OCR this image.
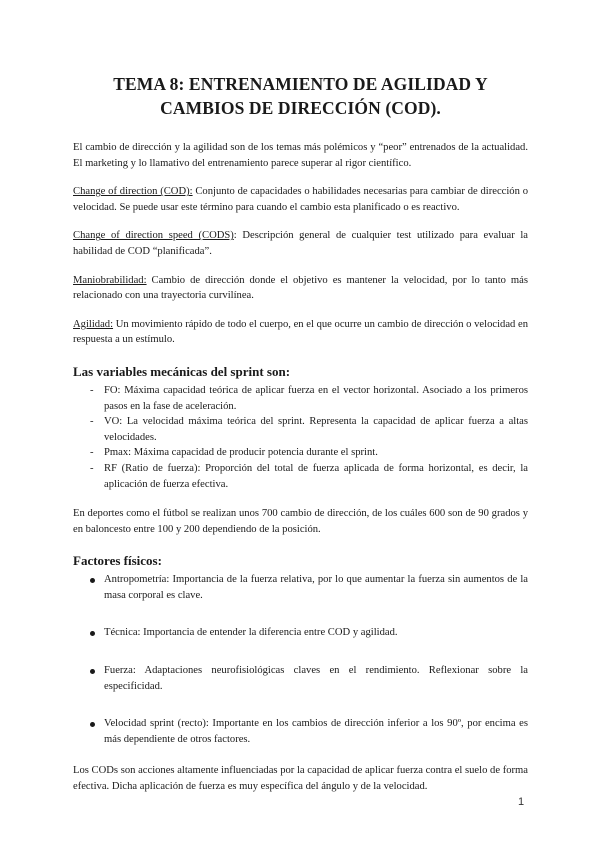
TEMA 8: ENTRENAMIENTO DE AGILIDAD Y
CAMBIOS DE DIRECCIÓN (COD).

El cambio de dirección y la agilidad son de los temas más polémicos y “peor” entrenados de la actualidad. El marketing y lo llamativo del entrenamiento parece superar al rigor científico.

Change of direction (COD): Conjunto de capacidades o habilidades necesarias para cambiar de dirección o velocidad. Se puede usar este término para cuando el cambio esta planificado o es reactivo.

Change of direction speed (CODS): Descripción general de cualquier test utilizado para evaluar la habilidad de COD “planificada”.

Maniobrabilidad: Cambio de dirección donde el objetivo es mantener la velocidad, por lo tanto más relacionado con una trayectoria curvilínea.

Agilidad: Un movimiento rápido de todo el cuerpo, en el que ocurre un cambio de dirección o velocidad en respuesta a un estímulo.

Las variables mecánicas del sprint son:
- FO: Máxima capacidad teórica de aplicar fuerza en el vector horizontal. Asociado a los primeros pasos en la fase de aceleración.
- VO: La velocidad máxima teórica del sprint. Representa la capacidad de aplicar fuerza a altas velocidades.
- Pmax: Máxima capacidad de producir potencia durante el sprint.
- RF (Ratio de fuerza): Proporción del total de fuerza aplicada de forma horizontal, es decir, la aplicación de fuerza efectiva.

En deportes como el fútbol se realizan unos 700 cambio de dirección, de los cuáles 600 son de 90 grados y en baloncesto entre 100 y 200 dependiendo de la posición.

Factores físicos:
Antropometría: Importancia de la fuerza relativa, por lo que aumentar la fuerza sin aumentos de la masa corporal es clave.
Técnica: Importancia de entender la diferencia entre COD y agilidad.
Fuerza: Adaptaciones neurofisiológicas claves en el rendimiento. Reflexionar sobre la especificidad.
Velocidad sprint (recto): Importante en los cambios de dirección inferior a los 90º, por encima es más dependiente de otros factores.

Los CODs son acciones altamente influenciadas por la capacidad de aplicar fuerza contra el suelo de forma efectiva. Dicha aplicación de fuerza es muy específica del ángulo y de la velocidad.

1
